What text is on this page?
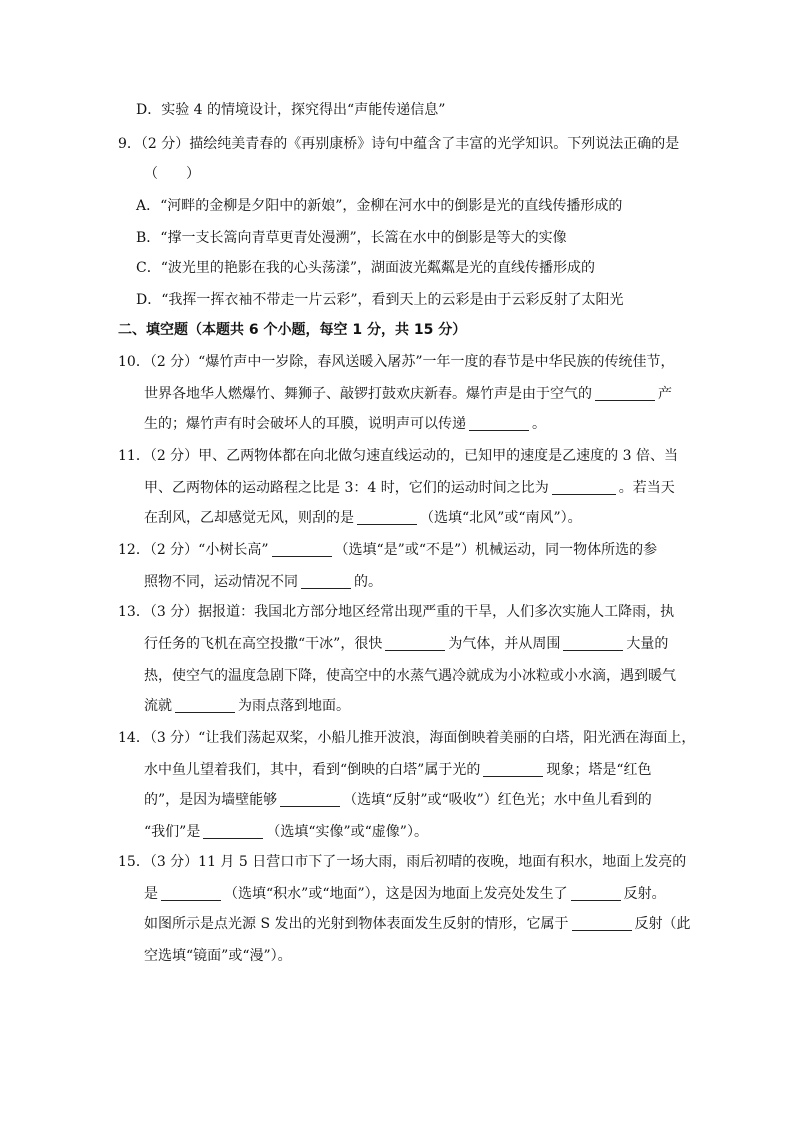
D．实验 4 的情境设计，探究得出“声能传递信息”
9．（2 分）描绘纯美青春的《再别康桥》诗句中蕴含了丰富的光学知识。下列说法正确的是
（　　）
A．“河畔的金柳是夕阳中的新娘”，金柳在河水中的倒影是光的直线传播形成的
B．“撑一支长篙向青草更青处漫溯”，长篙在水中的倒影是等大的实像
C．“波光里的艳影在我的心头荡漾”，湖面波光粼粼是光的直线传播形成的
D．“我挥一挥衣袖不带走一片云彩”，看到天上的云彩是由于云彩反射了太阳光
二、填空题（本题共 6 个小题，每空 1 分，共 15 分）
10．（2 分）“爆竹声中一岁除，春风送暖入屠苏”一年一度的春节是中华民族的传统佳节，
世界各地华人燃爆竹、舞狮子、敲锣打鼓欢庆新春。爆竹声是由于空气的	产
生的；爆竹声有时会破坏人的耳膜，说明声可以传递	。
11．（2 分）甲、乙两物体都在向北做匀速直线运动的，已知甲的速度是乙速度的 3 倍、当
甲、乙两物体的运动路程之比是 3：4 时，它们的运动时间之比为	。若当天
在刮风，乙却感觉无风，则刮的是	（选填“北风”或“南风”）。
12．（2 分）“小树长高”	（选填“是”或“不是”）机械运动，同一物体所选的参
照物不同，运动情况不同	的。
13．（3 分）据报道：我国北方部分地区经常出现严重的干旱，人们多次实施人工降雨，执
行任务的飞机在高空投撒“干冰”，很快	为气体，并从周围	大量的
热，使空气的温度急剧下降，使高空中的水蒸气遇冷就成为小冰粒或小水滴，遇到暖气
流就	为雨点落到地面。
14．（3 分）“让我们荡起双桨，小船儿推开波浪，海面倒映着美丽的白塔，阳光洒在海面上，
水中鱼儿望着我们，其中，看到“倒映的白塔”属于光的	现象；塔是“红色
的”，是因为墙壁能够	（选填“反射”或“吸收”）红色光；水中鱼儿看到的
“我们”是	（选填“实像”或“虚像”）。
15．（3 分）11 月 5 日营口市下了一场大雨，雨后初晴的夜晚，地面有积水，地面上发亮的
是	（选填“积水”或“地面”），这是因为地面上发亮处发生了	反射。
如图所示是点光源 S 发出的光射到物体表面发生反射的情形，它属于	反射（此
空选填“镜面”或“漫”）。
